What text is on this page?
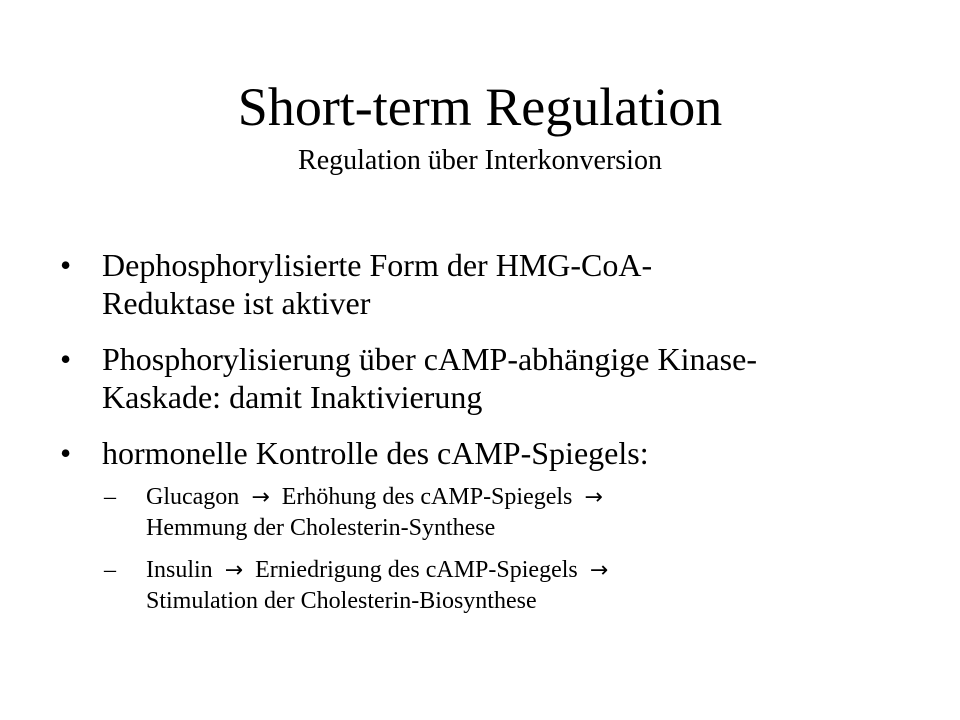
Short-term Regulation
Regulation über Interkonversion
• Dephosphorylisierte Form der HMG-CoA-
Reduktase ist aktiver
• Phosphorylisierung über cAMP-abhängige Kinase-
Kaskade: damit Inaktivierung
• hormonelle Kontrolle des cAMP-Spiegels:
– Glucagon → Erhöhung des cAMP-Spiegels →
Hemmung der Cholesterin-Synthese
– Insulin → Erniedrigung des cAMP-Spiegels →
Stimulation der Cholesterin-Biosynthese
